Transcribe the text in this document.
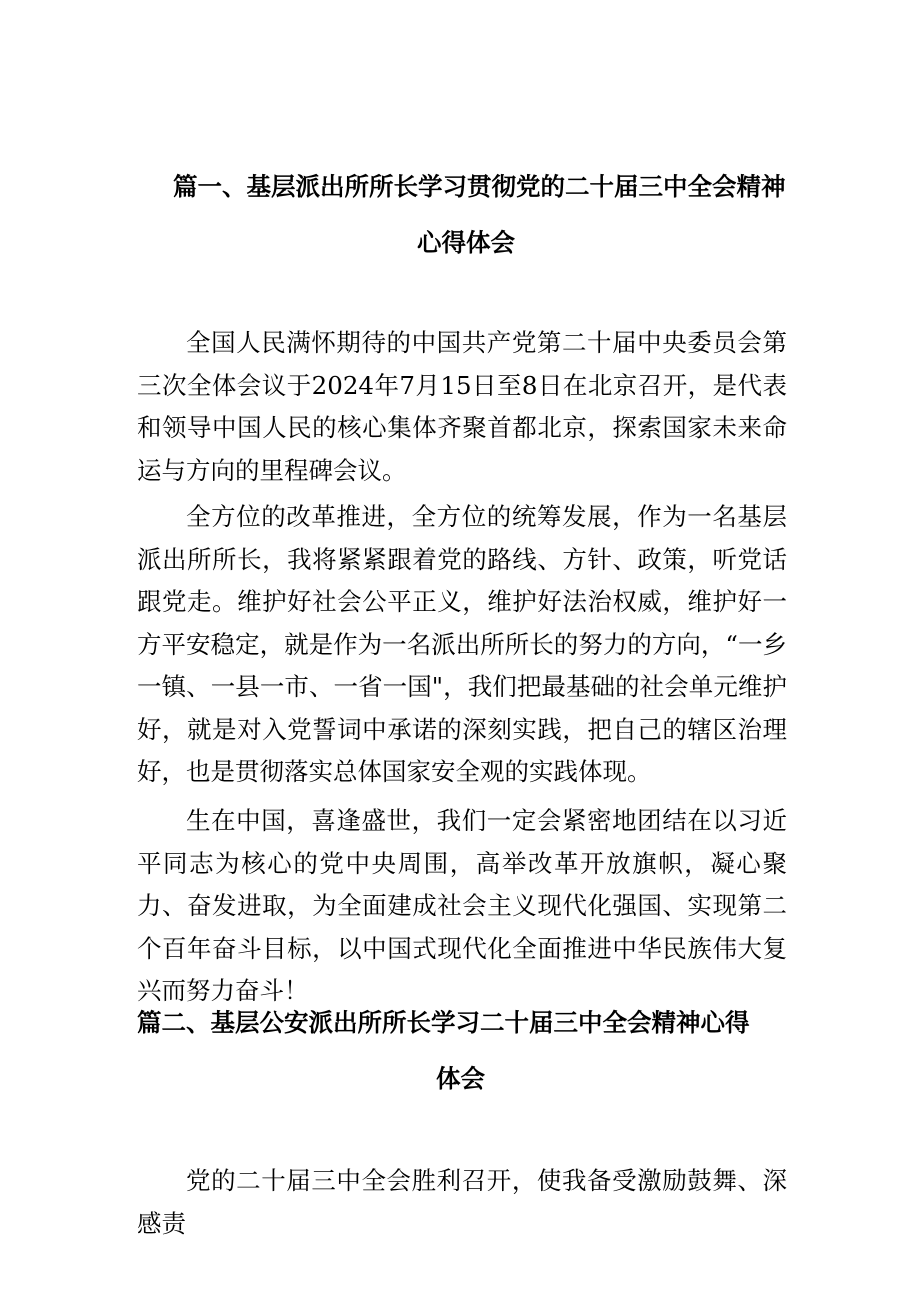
篇一、基层派出所所长学习贯彻党的二十届三中全会精神
心得体会

全国人民满怀期待的中国共产党第二十届中央委员会第三次全体会议于2024年7月15日至8日在北京召开，是代表和领导中国人民的核心集体齐聚首都北京，探索国家未来命运与方向的里程碑会议。

全方位的改革推进，全方位的统筹发展，作为一名基层派出所所长，我将紧紧跟着党的路线、方针、政策，听党话跟党走。维护好社会公平正义，维护好法治权威，维护好一方平安稳定，就是作为一名派出所所长的努力的方向，“一乡一镇、一县一市、一省一国"，我们把最基础的社会单元维护好，就是对入党誓词中承诺的深刻实践，把自己的辖区治理好，也是贯彻落实总体国家安全观的实践体现。

生在中国，喜逢盛世，我们一定会紧密地团结在以习近平同志为核心的党中央周围，高举改革开放旗帜，凝心聚力、奋发进取，为全面建成社会主义现代化强国、实现第二个百年奋斗目标，以中国式现代化全面推进中华民族伟大复兴而努力奋斗！

篇二、基层公安派出所所长学习二十届三中全会精神心得
体会

党的二十届三中全会胜利召开，使我备受激励鼓舞、深感责
